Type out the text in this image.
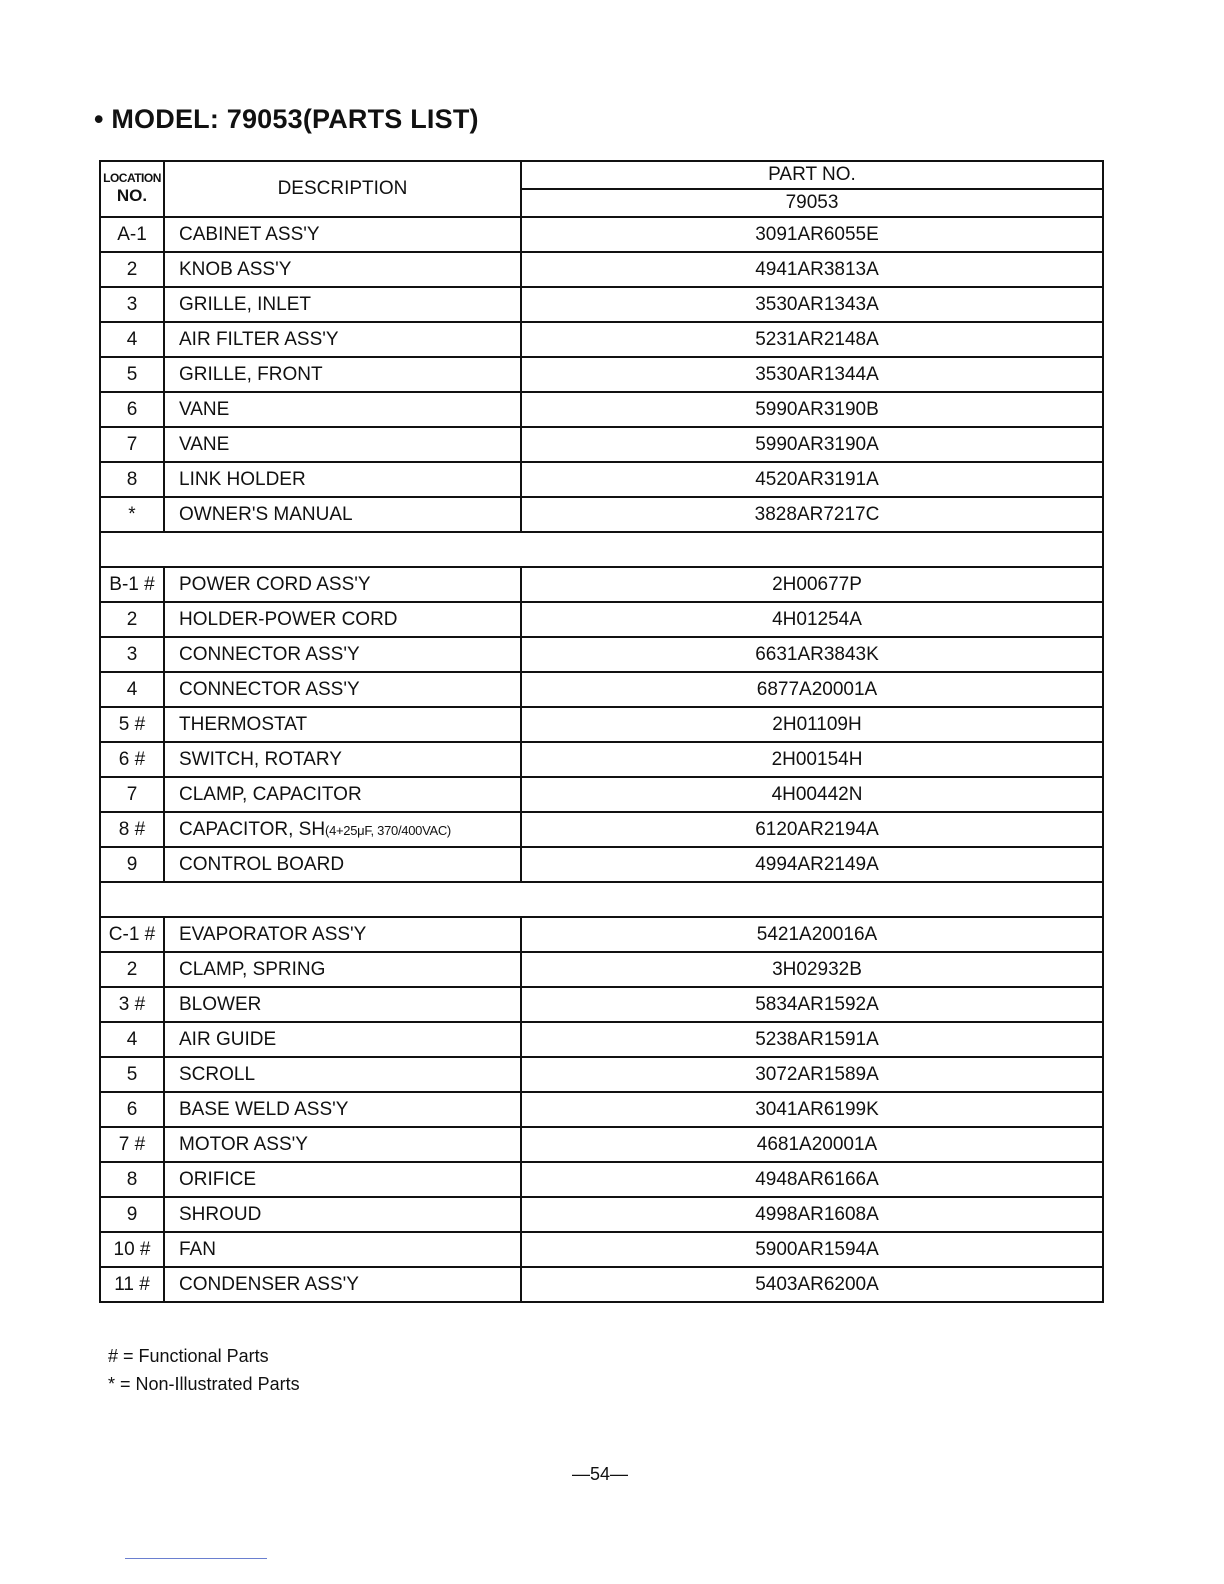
• MODEL: 79053(PARTS LIST)
LOCATION
NO.	DESCRIPTION	PART NO.
		79053
A-1	CABINET ASS'Y	3091AR6055E
2	KNOB ASS'Y	4941AR3813A
3	GRILLE, INLET	3530AR1343A
4	AIR FILTER ASS'Y	5231AR2148A
5	GRILLE, FRONT	3530AR1344A
6	VANE	5990AR3190B
7	VANE	5990AR3190A
8	LINK HOLDER	4520AR3191A
*	OWNER'S MANUAL	3828AR7217C

B-1 #	POWER CORD ASS'Y	2H00677P
2	HOLDER-POWER CORD	4H01254A
3	CONNECTOR ASS'Y	6631AR3843K
4	CONNECTOR ASS'Y	6877A20001A
5 #	THERMOSTAT	2H01109H
6 #	SWITCH, ROTARY	2H00154H
7	CLAMP, CAPACITOR	4H00442N
8 #	CAPACITOR, SH(4+25μF, 370/400VAC)	6120AR2194A
9	CONTROL BOARD	4994AR2149A

C-1 #	EVAPORATOR ASS'Y	5421A20016A
2	CLAMP, SPRING	3H02932B
3 #	BLOWER	5834AR1592A
4	AIR GUIDE	5238AR1591A
5	SCROLL	3072AR1589A
6	BASE WELD ASS'Y	3041AR6199K
7 #	MOTOR ASS'Y	4681A20001A
8	ORIFICE	4948AR6166A
9	SHROUD	4998AR1608A
10 #	FAN	5900AR1594A
11 #	CONDENSER ASS'Y	5403AR6200A
# = Functional Parts
* = Non-Illustrated Parts
—54—
